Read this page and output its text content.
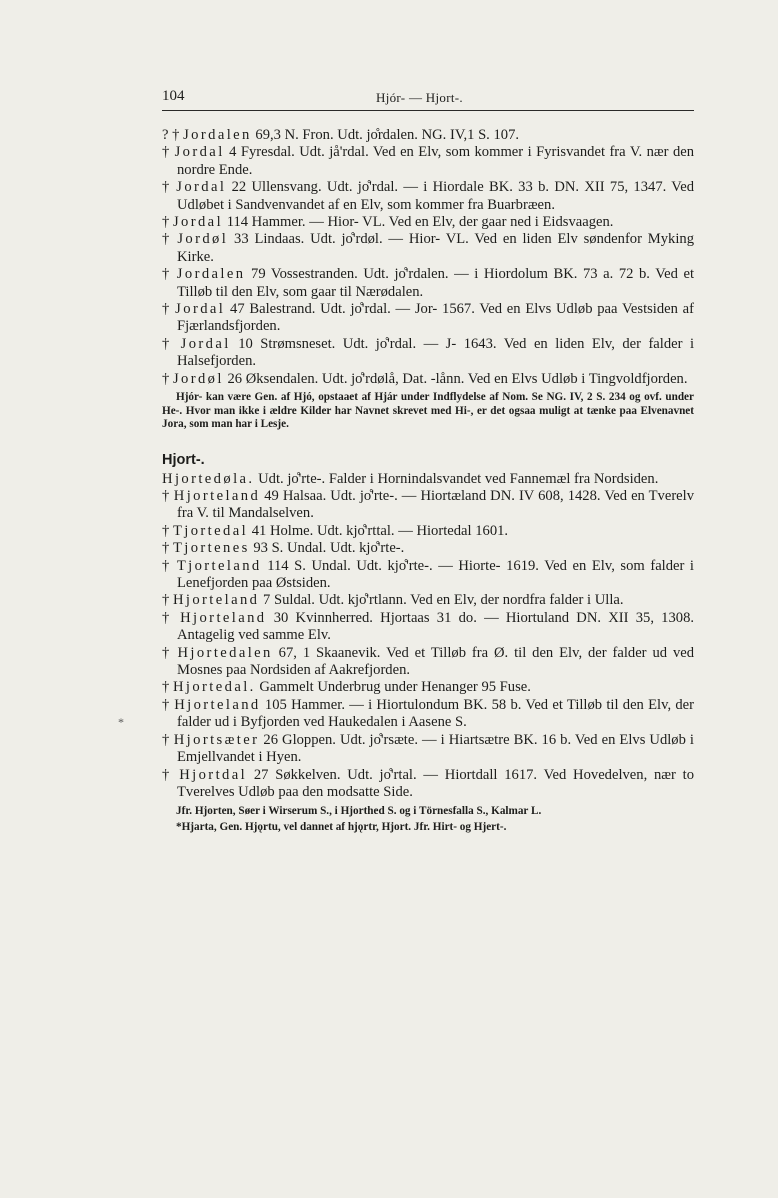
104	Hjór- — Hjort-.
*
? † Jordalen 69,3 N. Fron. Udt. jo̊rdalen. NG. IV,1 S. 107.
† Jordal 4 Fyresdal. Udt. jå'rdal. Ved en Elv, som kommer i Fyrisvandet fra V. nær den nordre Ende.
† Jordal 22 Ullensvang. Udt. jo̊'rdal. — i Hiordale BK. 33 b. DN. XII 75, 1347. Ved Udløbet i Sandvenvandet af en Elv, som kommer fra Buarbræen.
† Jordal 114 Hammer. — Hior- VL. Ved en Elv, der gaar ned i Eidsvaagen.
† Jordøl 33 Lindaas. Udt. jo̊'rdøl. — Hior- VL. Ved en liden Elv søndenfor Myking Kirke.
† Jordalen 79 Vossestranden. Udt. jo̊'rdalen. — i Hiordolum BK. 73 a. 72 b. Ved et Tilløb til den Elv, som gaar til Nærødalen.
† Jordal 47 Balestrand. Udt. jo̊'rdal. — Jor- 1567. Ved en Elvs Udløb paa Vestsiden af Fjærlandsfjorden.
† Jordal 10 Strømsneset. Udt. jo̊'rdal. — J- 1643. Ved en liden Elv, der falder i Halsefjorden.
† Jordøl 26 Øksendalen. Udt. jo̊'rdølå, Dat. -lånn. Ved en Elvs Udløb i Tingvoldfjorden.

Hjór- kan være Gen. af Hjó, opstaaet af Hjár under Indflydelse af Nom. Se NG. IV, 2 S. 234 og ovf. under He-. Hvor man ikke i ældre Kilder har Navnet skrevet med Hi-, er det ogsaa muligt at tænke paa Elvenavnet Jora, som man har i Lesje.

Hjort-.
Hjortedøla. Udt. jo̊'rte-. Falder i Hornindalsvandet ved Fannemæl fra Nordsiden.
† Hjorteland 49 Halsaa. Udt. jo̊'rte-. — Hiortæland DN. IV 608, 1428. Ved en Tverelv fra V. til Mandalselven.
† Tjortedal 41 Holme. Udt. kjo̊'rttal. — Hiortedal 1601.
† Tjortenes 93 S. Undal. Udt. kjo̊'rte-.
† Tjorteland 114 S. Undal. Udt. kjo̊'rte-. — Hiorte- 1619. Ved en Elv, som falder i Lenefjorden paa Østsiden.
† Hjorteland 7 Suldal. Udt. kjo̊'rtlann. Ved en Elv, der nordfra falder i Ulla.
† Hjorteland 30 Kvinnherred. Hjortaas 31 do. — Hiortuland DN. XII 35, 1308. Antagelig ved samme Elv.
† Hjortedalen 67, 1 Skaanevik. Ved et Tilløb fra Ø. til den Elv, der falder ud ved Mosnes paa Nordsiden af Aakrefjorden.
† Hjortedal. Gammelt Underbrug under Henanger 95 Fuse.
† Hjorteland 105 Hammer. — i Hiortulondum BK. 58 b. Ved et Tilløb til den Elv, der falder ud i Byfjorden ved Haukedalen i Aasene S.
† Hjortsæter 26 Gloppen. Udt. jo̊'rsæte. — i Hiartsætre BK. 16 b. Ved en Elvs Udløb i Emjellvandet i Hyen.
† Hjortdal 27 Søkkelven. Udt. jo̊'rtal. — Hiortdall 1617. Ved Hovedelven, nær to Tverelves Udløb paa den modsatte Side.

Jfr. Hjorten, Søer i Wirserum S., i Hjorthed S. og i Törnesfalla S., Kalmar L.

*Hjarta, Gen. Hjǫrtu, vel dannet af hjǫrtr, Hjort. Jfr. Hirt- og Hjert-.
